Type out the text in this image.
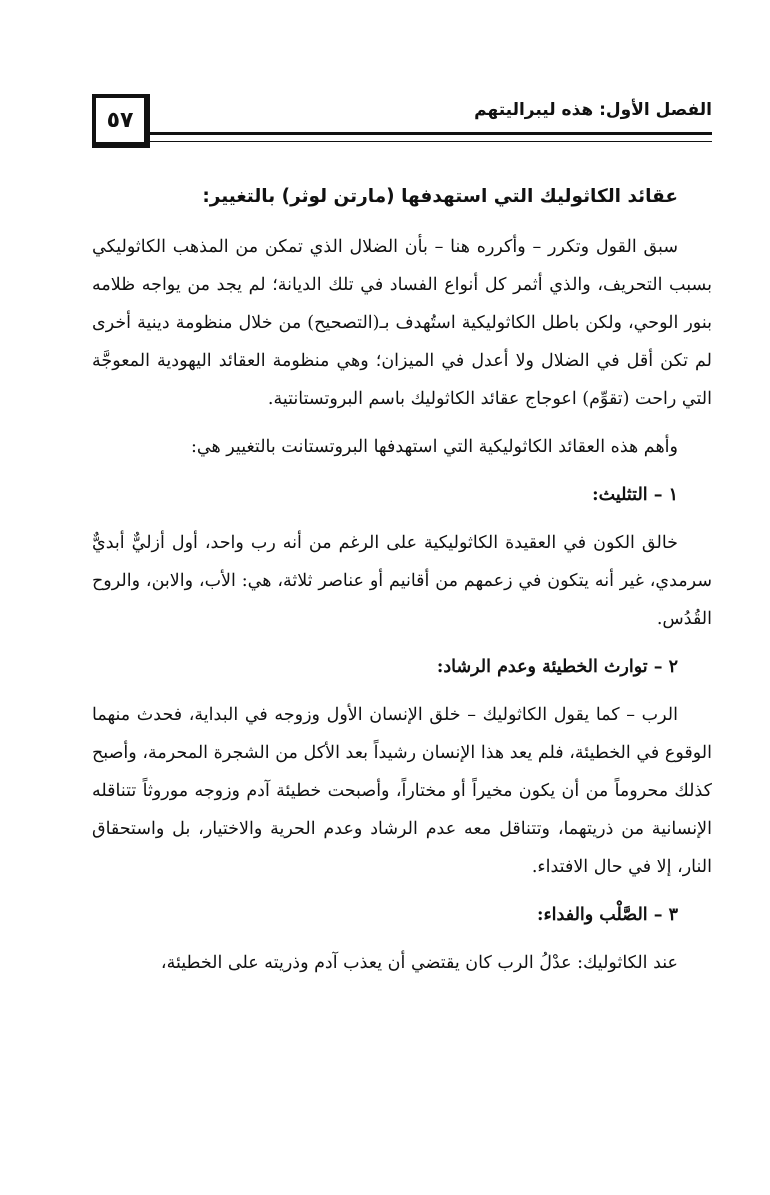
٥٧	الفصل الأول: هذه ليبراليتهم
عقائد الكاثوليك التي استهدفها (مارتن لوثر) بالتغيير:

سبق القول وتكرر – وأكرره هنا – بأن الضلال الذي تمكن من المذهب الكاثوليكي بسبب التحريف، والذي أثمر كل أنواع الفساد في تلك الديانة؛ لم يجد من يواجه ظلامه بنور الوحي، ولكن باطل الكاثوليكية استُهدف بـ(التصحيح) من خلال منظومة دينية أخرى لم تكن أقل في الضلال ولا أعدل في الميزان؛ وهي منظومة العقائد اليهودية المعوجَّة التي راحت (تقوِّم) اعوجاج عقائد الكاثوليك باسم البروتستانتية.

وأهم هذه العقائد الكاثوليكية التي استهدفها البروتستانت بالتغيير هي:

١ – التثليث:

خالق الكون في العقيدة الكاثوليكية على الرغم من أنه رب واحد، أول أزليٌّ أبديٌّ سرمدي، غير أنه يتكون في زعمهم من أقانيم أو عناصر ثلاثة، هي: الأب، والابن، والروح القُدُس.

٢ – توارث الخطيئة وعدم الرشاد:

الرب – كما يقول الكاثوليك – خلق الإنسان الأول وزوجه في البداية، فحدث منهما الوقوع في الخطيئة، فلم يعد هذا الإنسان رشيداً بعد الأكل من الشجرة المحرمة، وأصبح كذلك محروماً من أن يكون مخيراً أو مختاراً، وأصبحت خطيئة آدم وزوجه موروثاً تتناقله الإنسانية من ذريتهما، وتتناقل معه عدم الرشاد وعدم الحرية والاختيار، بل واستحقاق النار، إلا في حال الافتداء.

٣ – الصَّلْب والفداء:

عند الكاثوليك: عدْلُ الرب كان يقتضي أن يعذب آدم وذريته على الخطيئة،
